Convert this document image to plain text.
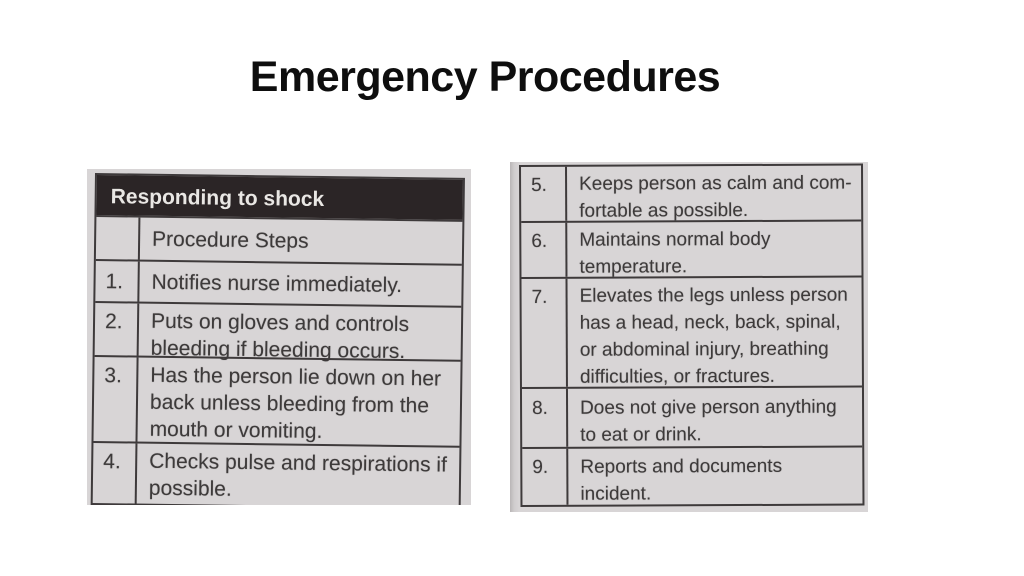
Emergency Procedures
Responding to shock
Procedure Steps
1.	Notifies nurse immediately.
2.	Puts on gloves and controls
bleeding if bleeding occurs.
3.	Has the person lie down on her
back unless bleeding from the
mouth or vomiting.
4.	Checks pulse and respirations if
possible.
5.	Keeps person as calm and com-
fortable as possible.
6.	Maintains normal body
temperature.
7.	Elevates the legs unless person
has a head, neck, back, spinal,
or abdominal injury, breathing
difficulties, or fractures.
8.	Does not give person anything
to eat or drink.
9.	Reports and documents
incident.
